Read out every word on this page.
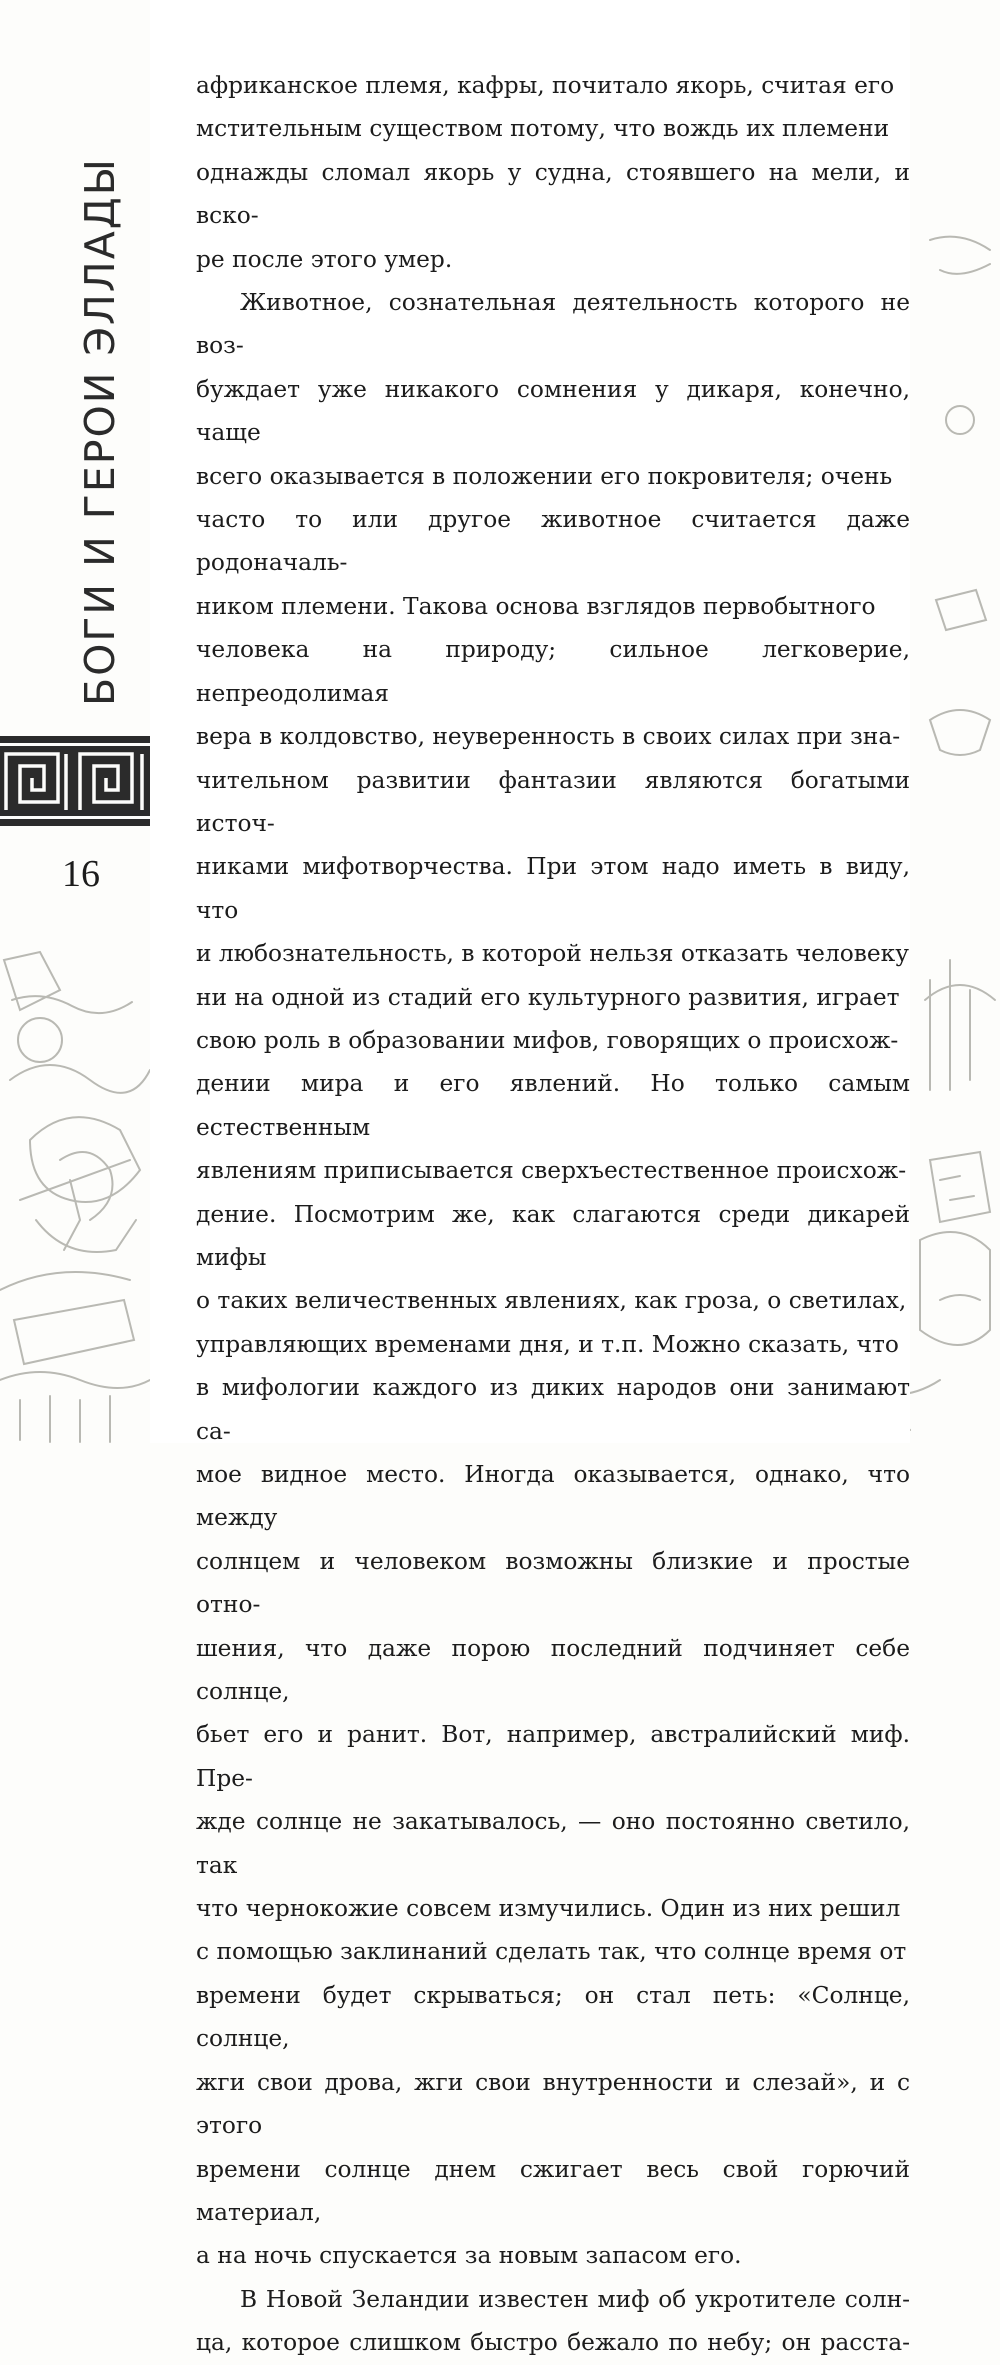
БОГИ И ГЕРОИ ЭЛЛАДЫ
16

африканское племя, кафры, почитало якорь, считая его
мстительным существом потому, что вождь их племени
однажды сломал якорь у судна, стоявшего на мели, и вско-
ре после этого умер.

Животное, сознательная деятельность которого не воз-
буждает уже никакого сомнения у дикаря, конечно, чаще
всего оказывается в положении его покровителя; очень
часто то или другое животное считается даже родоначаль-
ником племени. Такова основа взглядов первобытного
человека на природу; сильное легковерие, непреодолимая
вера в колдовство, неуверенность в своих силах при зна-
чительном развитии фантазии являются богатыми источ-
никами мифотворчества. При этом надо иметь в виду, что
и любознательность, в которой нельзя отказать человеку
ни на одной из стадий его культурного развития, играет
свою роль в образовании мифов, говорящих о происхож-
дении мира и его явлений. Но только самым естественным
явлениям приписывается сверхъестественное происхож-
дение. Посмотрим же, как слагаются среди дикарей мифы
о таких величественных явлениях, как гроза, о светилах,
управляющих временами дня, и т.п. Можно сказать, что
в мифологии каждого из диких народов они занимают са-
мое видное место. Иногда оказывается, однако, что между
солнцем и человеком возможны близкие и простые отно-
шения, что даже порою последний подчиняет себе солнце,
бьет его и ранит. Вот, например, австралийский миф. Пре-
жде солнце не закатывалось, — оно постоянно светило, так
что чернокожие совсем измучились. Один из них решил
с помощью заклинаний сделать так, что солнце время от
времени будет скрываться; он стал петь: «Солнце, солнце,
жги свои дрова, жги свои внутренности и слезай», и с этого
времени солнце днем сжигает весь свой горючий материал,
а на ночь спускается за новым запасом его.

В Новой Зеландии известен миф об укротителе солн-
ца, которое слишком быстро бежало по небу; он расста-
